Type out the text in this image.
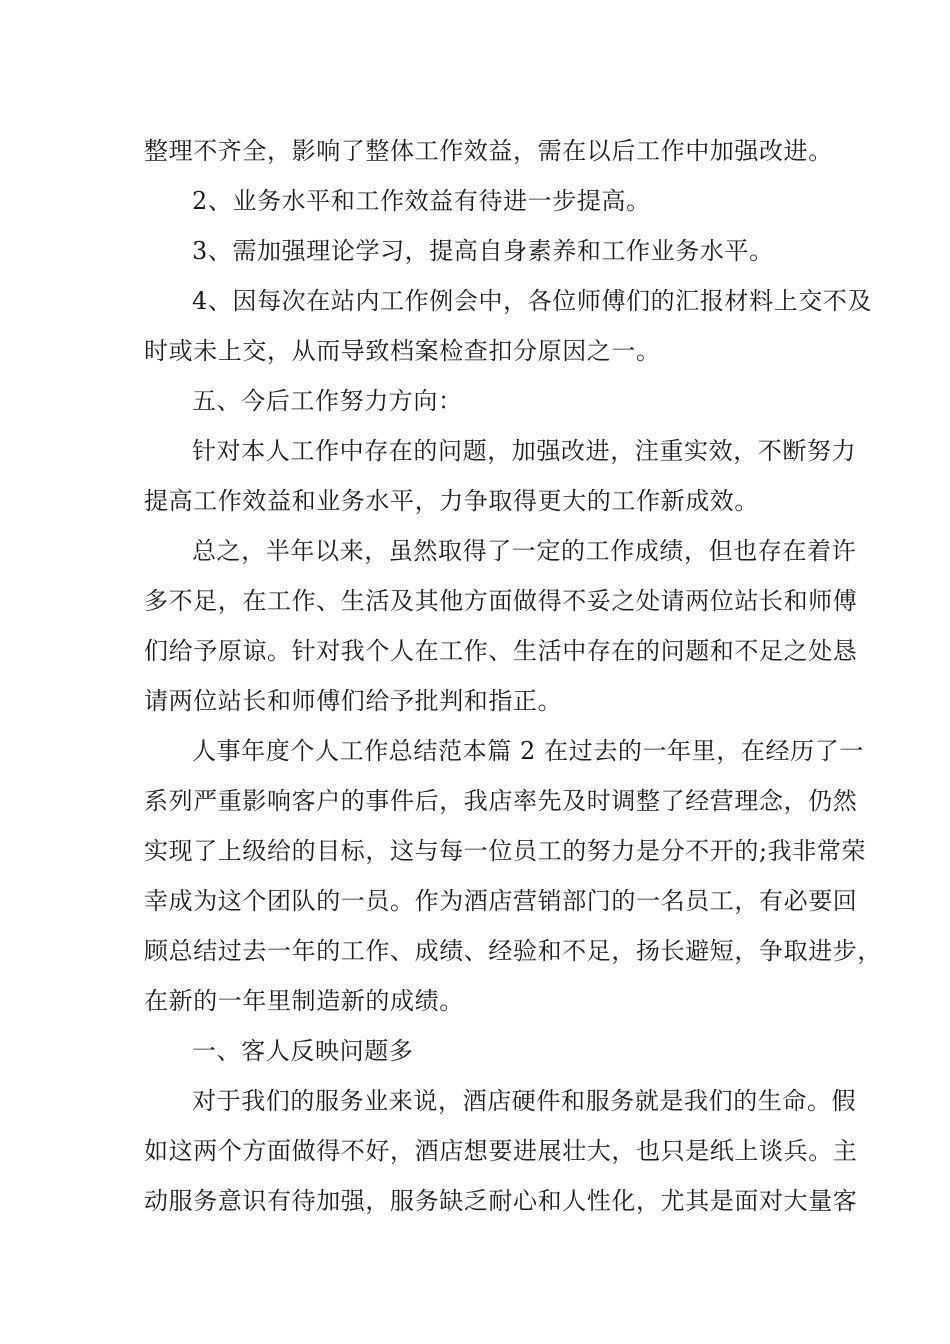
整理不齐全，影响了整体工作效益，需在以后工作中加强改进。
2、业务水平和工作效益有待进一步提高。
3、需加强理论学习，提高自身素养和工作业务水平。
4、因每次在站内工作例会中，各位师傅们的汇报材料上交不及
时或未上交，从而导致档案检查扣分原因之一。
五、今后工作努力方向：
针对本人工作中存在的问题，加强改进，注重实效，不断努力
提高工作效益和业务水平，力争取得更大的工作新成效。
总之，半年以来，虽然取得了一定的工作成绩，但也存在着许
多不足，在工作、生活及其他方面做得不妥之处请两位站长和师傅
们给予原谅。针对我个人在工作、生活中存在的问题和不足之处恳
请两位站长和师傅们给予批判和指正。
人事年度个人工作总结范本篇 2 在过去的一年里，在经历了一
系列严重影响客户的事件后，我店率先及时调整了经营理念，仍然
实现了上级给的目标，这与每一位员工的努力是分不开的;我非常荣
幸成为这个团队的一员。作为酒店营销部门的一名员工，有必要回
顾总结过去一年的工作、成绩、经验和不足，扬长避短，争取进步，
在新的一年里制造新的成绩。
一、客人反映问题多
对于我们的服务业来说，酒店硬件和服务就是我们的生命。假
如这两个方面做得不好，酒店想要进展壮大，也只是纸上谈兵。主
动服务意识有待加强，服务缺乏耐心和人性化，尤其是面对大量客
